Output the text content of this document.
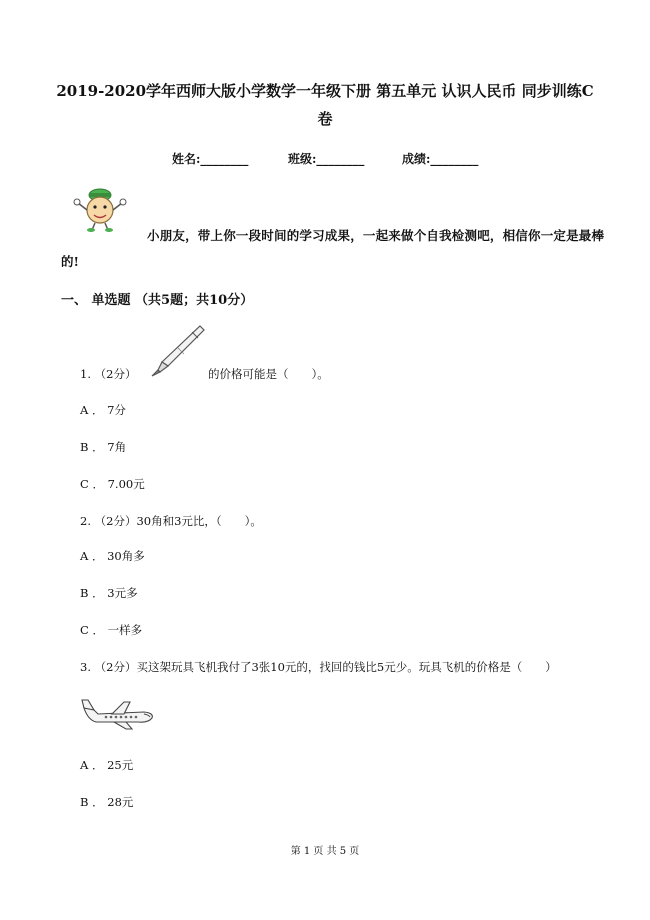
2019-2020学年西师大版小学数学一年级下册 第五单元 认识人民币 同步训练C
卷
姓名:________	班级:________	成绩:________
小朋友，带上你一段时间的学习成果，一起来做个自我检测吧，相信你一定是最棒
的!
一、 单选题 （共5题；共10分）
1. （2分）	的价格可能是（　　）。
A ． 7分
B ． 7角
C ． 7.00元
2. （2分）30角和3元比，（　　）。
A ． 30角多
B ． 3元多
C ． 一样多
3. （2分）买这架玩具飞机我付了3张10元的，找回的钱比5元少。玩具飞机的价格是（　　）
A ． 25元
B ． 28元
第 1 页 共 5 页
